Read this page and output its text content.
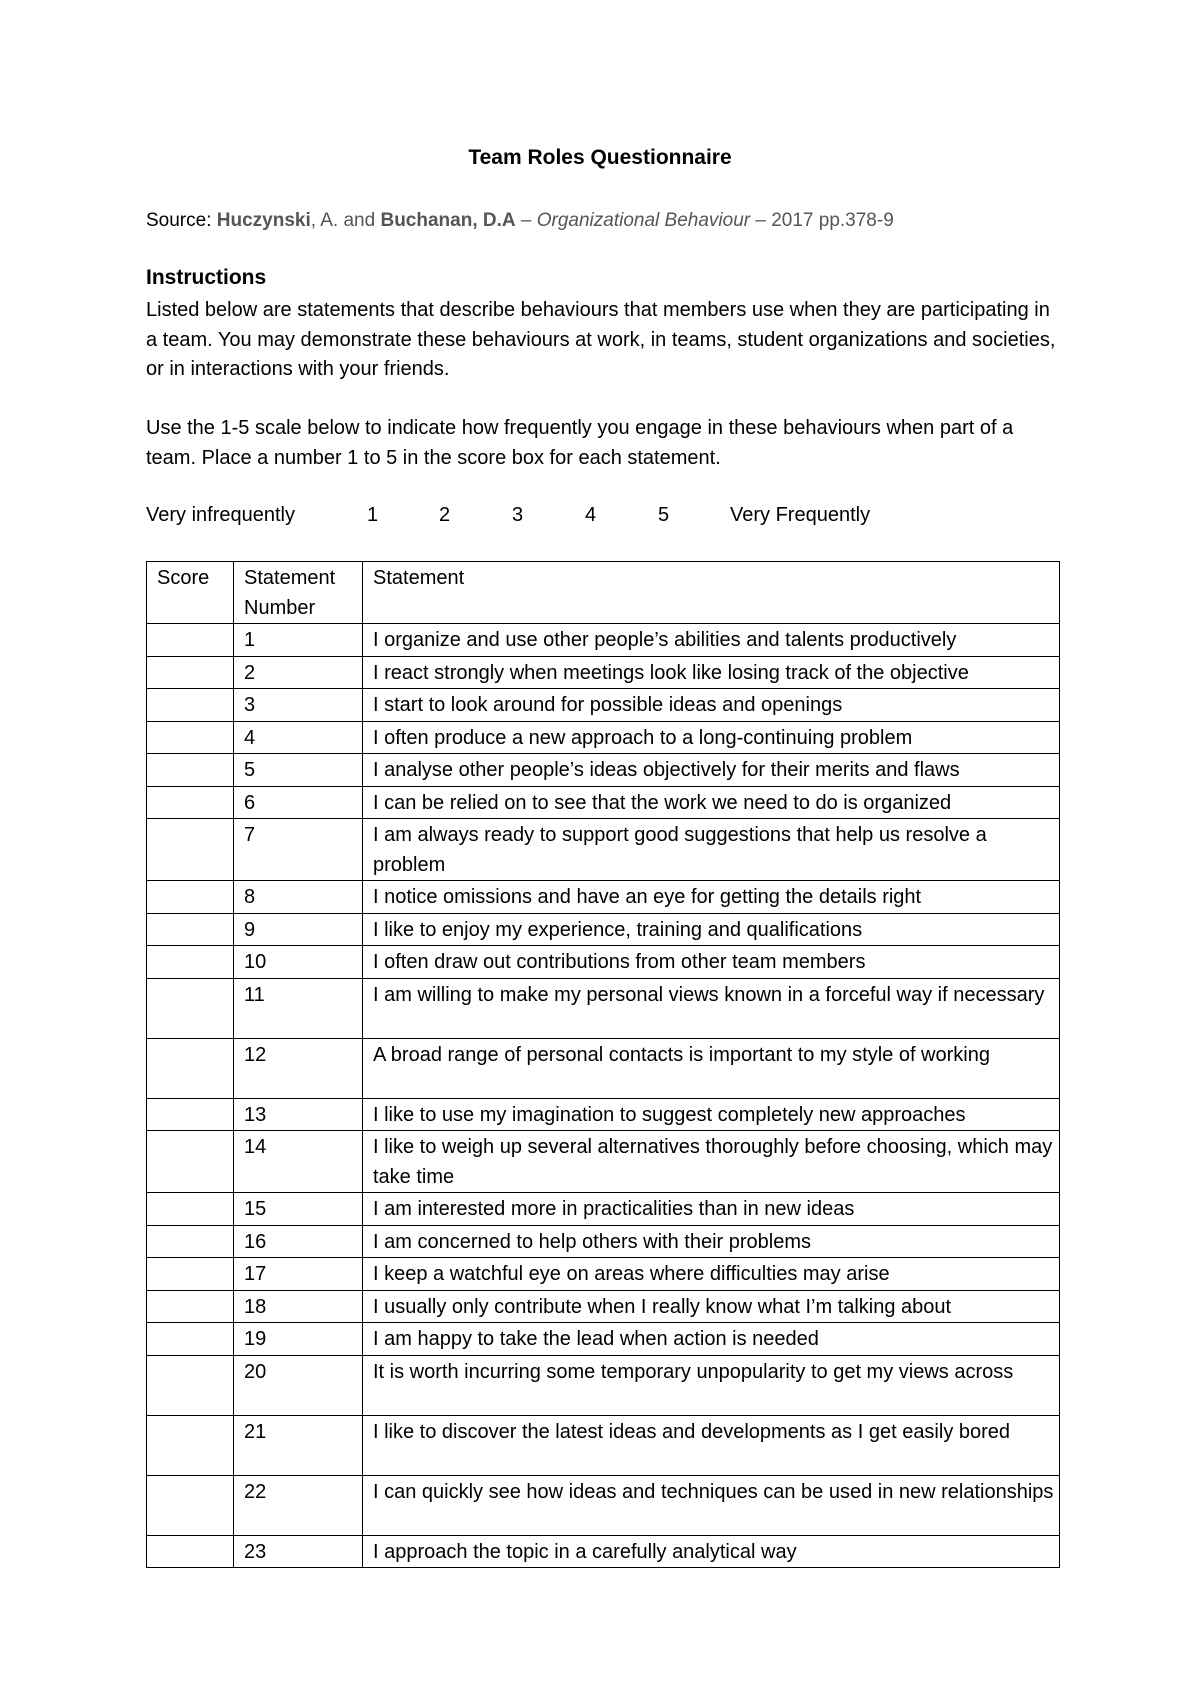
Team Roles Questionnaire
Source: Huczynski, A. and Buchanan, D.A – Organizational Behaviour – 2017 pp.378-9
Instructions
Listed below are statements that describe behaviours that members use when they are participating in a team. You may demonstrate these behaviours at work, in teams, student organizations and societies, or in interactions with your friends.
Use the 1-5 scale below to indicate how frequently you engage in these behaviours when part of a team. Place a number 1 to 5 in the score box for each statement.
Very infrequently	1	2	3	4	5	Very Frequently
Score	Statement Number	Statement
	1	I organize and use other people’s abilities and talents productively
	2	I react strongly when meetings look like losing track of the objective
	3	I start to look around for possible ideas and openings
	4	I often produce a new approach to a long-continuing problem
	5	I analyse other people’s ideas objectively for their merits and flaws
	6	I can be relied on to see that the work we need to do is organized
	7	I am always ready to support good suggestions that help us resolve a problem
	8	I notice omissions and have an eye for getting the details right
	9	I like to enjoy my experience, training and qualifications
	10	I often draw out contributions from other team members
	11	I am willing to make my personal views known in a forceful way if necessary
	12	A broad range of personal contacts is important to my style of working
	13	I like to use my imagination to suggest completely new approaches
	14	I like to weigh up several alternatives thoroughly before choosing, which may take time
	15	I am interested more in practicalities than in new ideas
	16	I am concerned to help others with their problems
	17	I keep a watchful eye on areas where difficulties may arise
	18	I usually only contribute when I really know what I’m talking about
	19	I am happy to take the lead when action is needed
	20	It is worth incurring some temporary unpopularity to get my views across
	21	I like to discover the latest ideas and developments as I get easily bored
	22	I can quickly see how ideas and techniques can be used in new relationships
	23	I approach the topic in a carefully analytical way
